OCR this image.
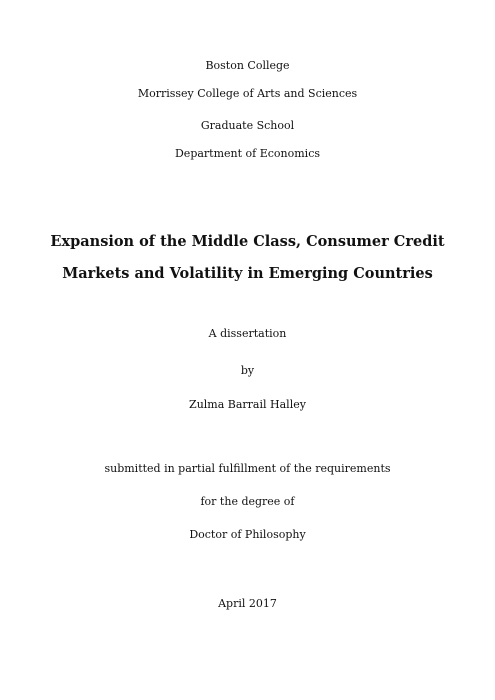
Boston College
Morrissey College of Arts and Sciences
Graduate School
Department of Economics
Expansion of the Middle Class, Consumer Credit
Markets and Volatility in Emerging Countries
A dissertation
by
Zulma Barrail Halley
submitted in partial fulfillment of the requirements
for the degree of
Doctor of Philosophy
April 2017
